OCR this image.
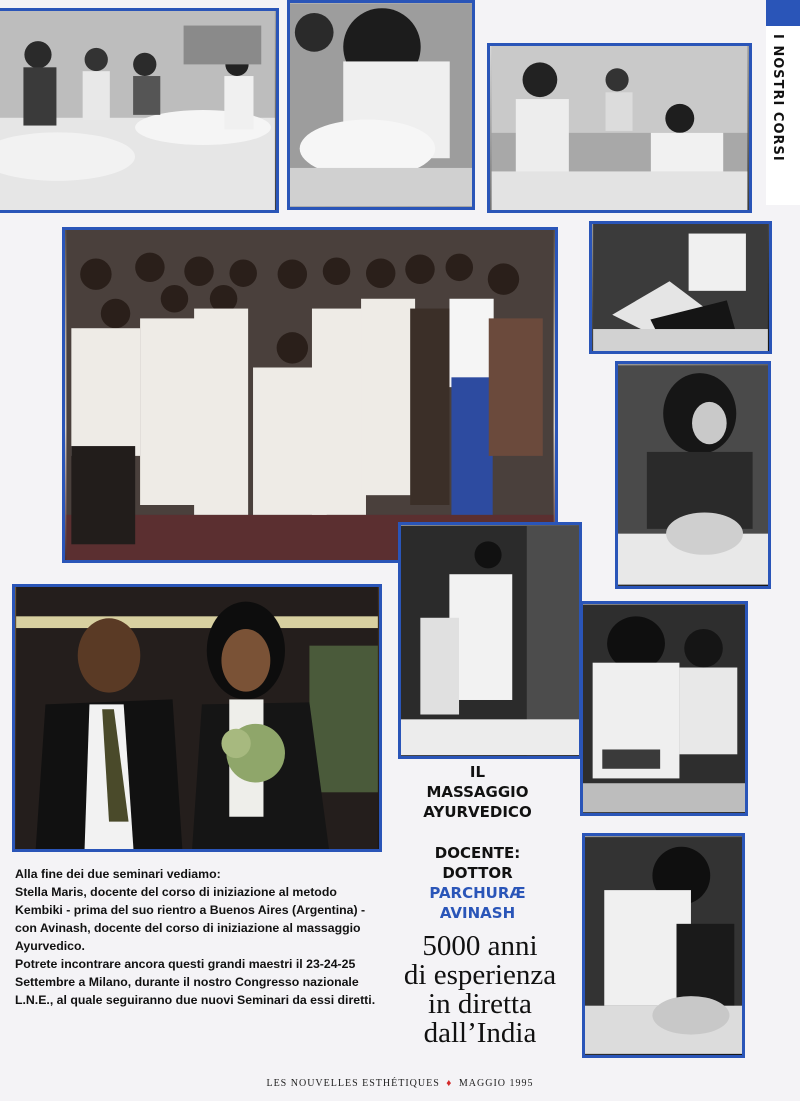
I NOSTRI CORSI
IL
MASSAGGIO
AYURVEDICO
DOCENTE:
DOTTOR
PARCHURÆ
AVINASH
5000 anni
di esperienza
in diretta
dall’India

Alla fine dei due seminari vediamo:

Stella Maris, docente del corso di iniziazione al metodo Kembiki - prima del suo rientro a Buenos Aires (Argentina) - con Avinash, docente del corso di iniziazione al massaggio Ayurvedico.

Potrete incontrare ancora questi grandi maestri il 23-24-25 Settembre a Milano, durante il nostro Congresso nazionale L.N.E., al quale seguiranno due nuovi Seminari da essi diretti.

LES NOUVELLES ESTHÉTIQUES ♦ MAGGIO 1995
